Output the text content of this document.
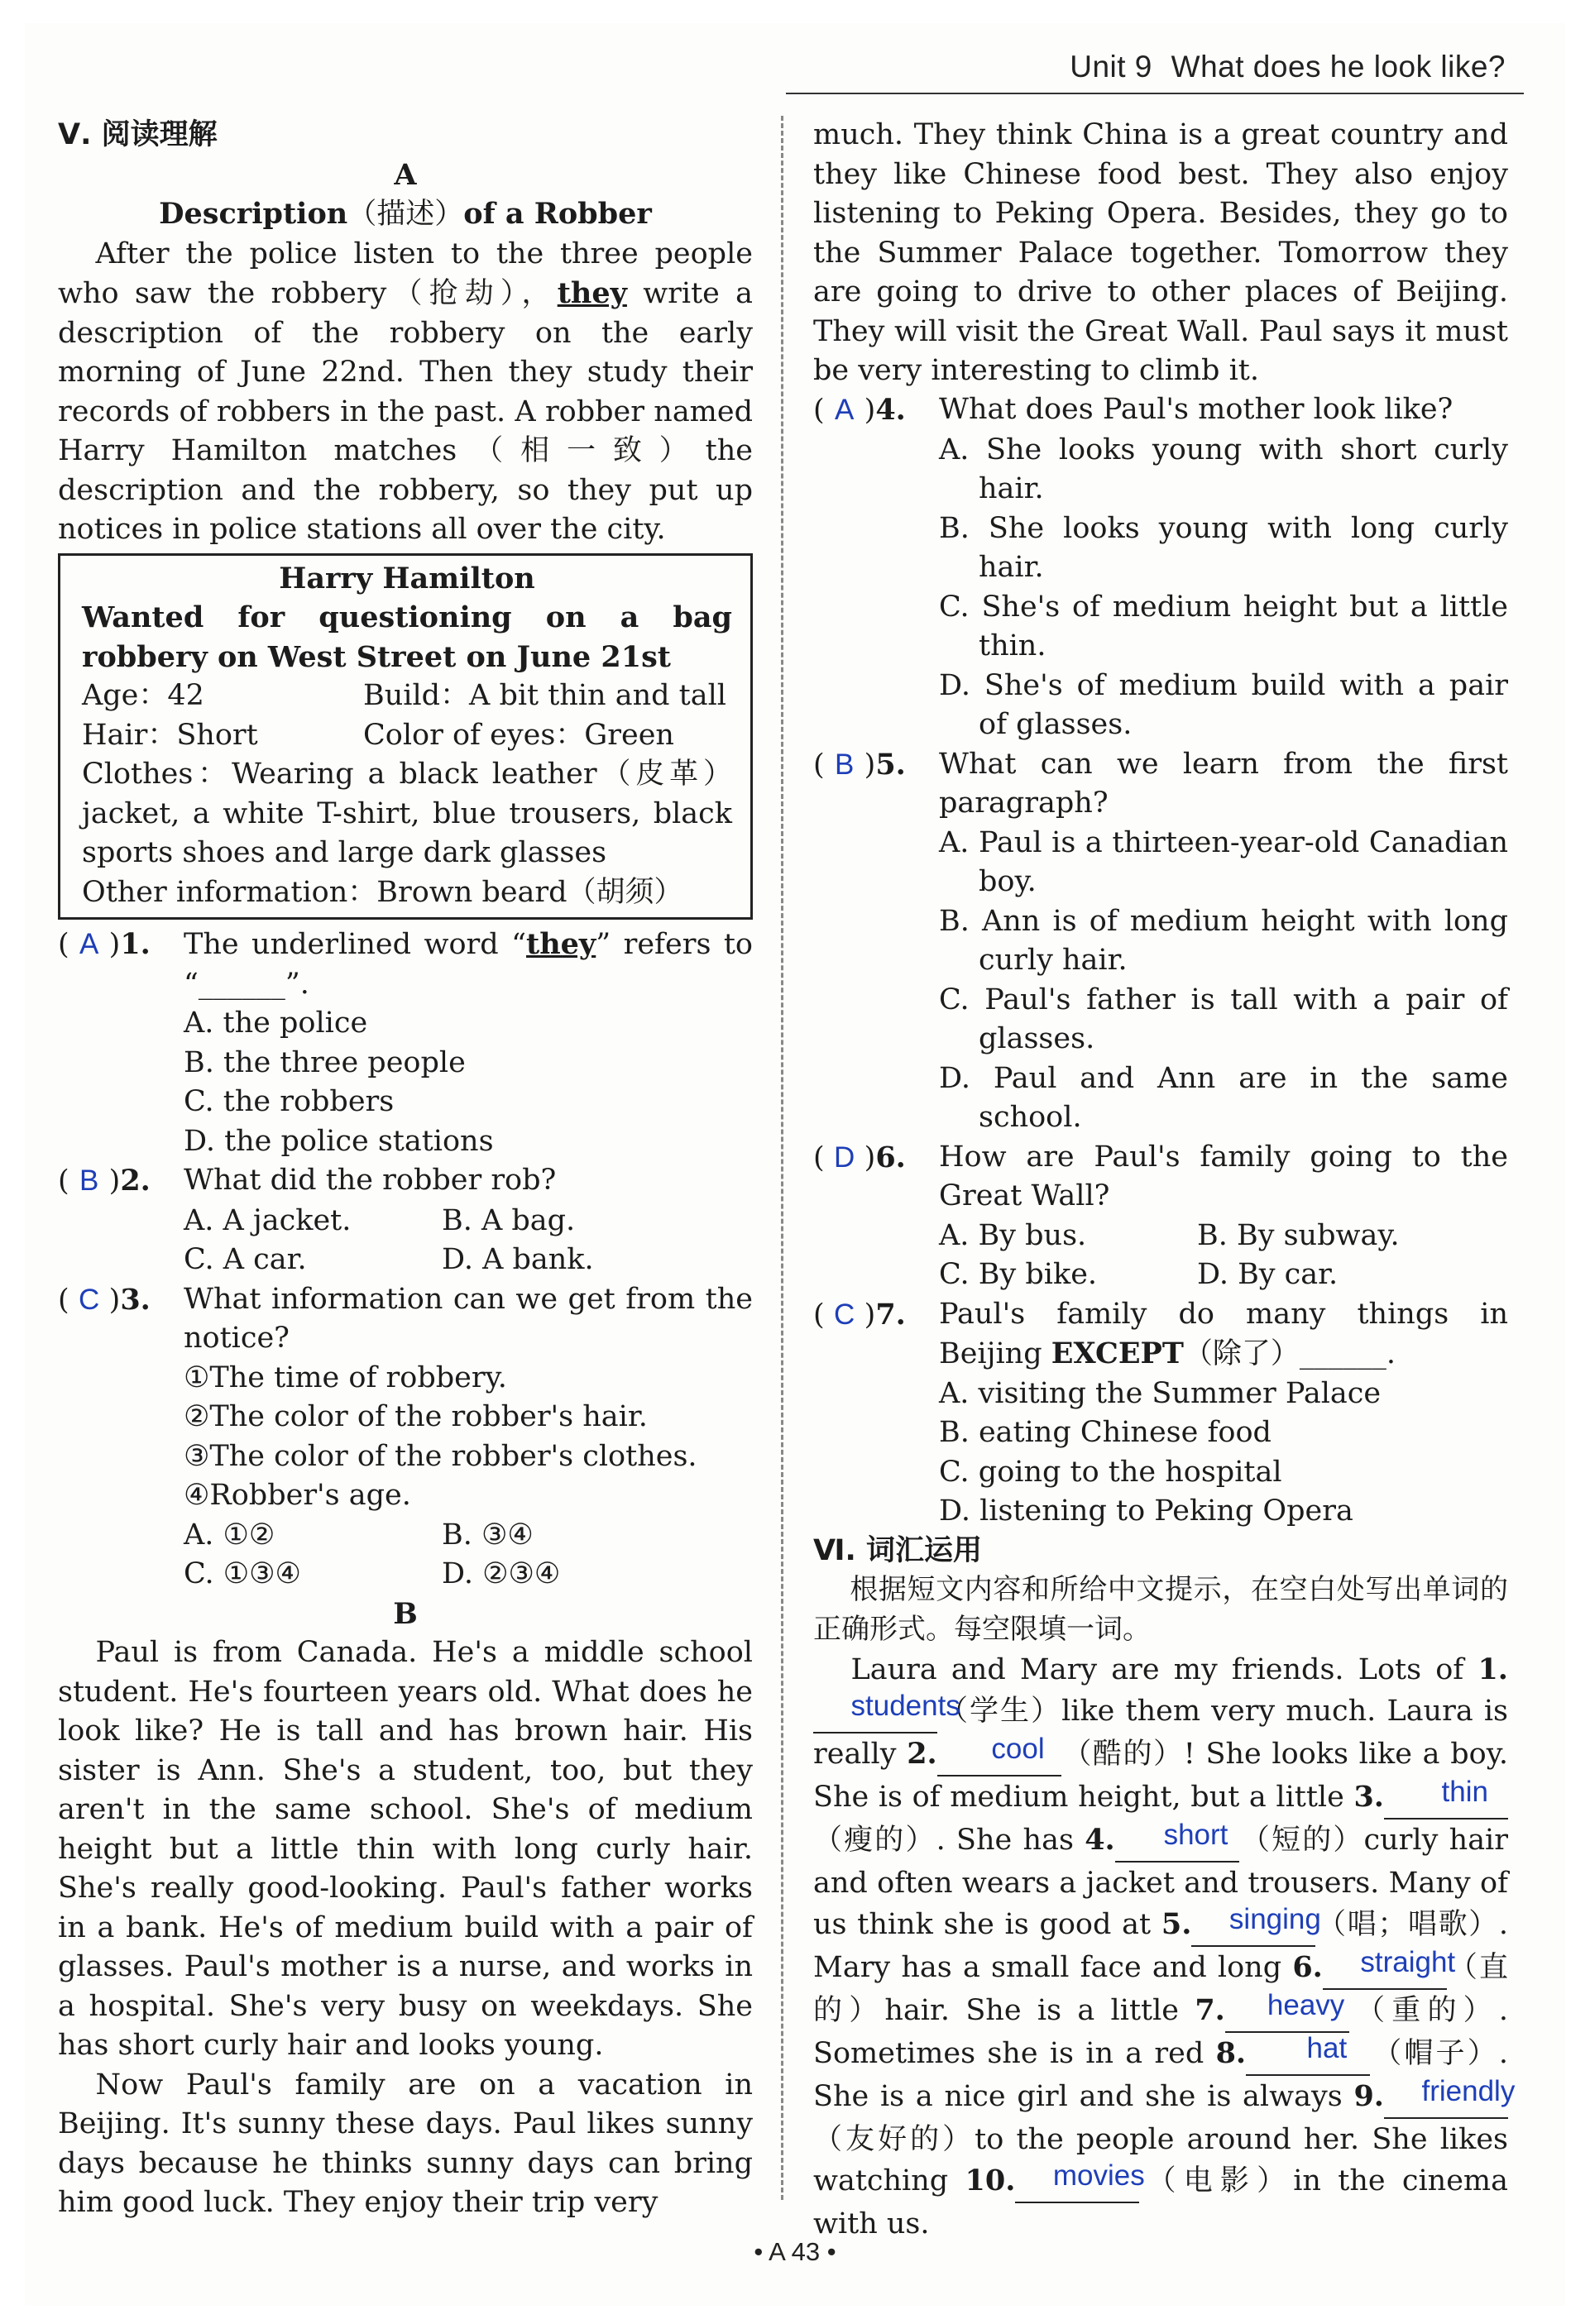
Unit 9 What does he look like?
Ⅴ. 阅读理解
A
Description（描述）of a Robber

After the police listen to the three people who saw the robbery（抢劫），they write a description of the robbery on the early morning of June 22nd. Then they study their records of robbers in the past. A robber named Harry Hamilton matches（相一致）the description and the robbery, so they put up notices in police stations all over the city.

Harry Hamilton
Wanted for questioning on a bag robbery on West Street on June 21st
Age：42	Build：A bit thin and tall
Hair：Short	Color of eyes：Green
Clothes：Wearing a black leather（皮革）jacket, a white T-shirt, blue trousers, black sports shoes and large dark glasses
Other information：Brown beard（胡须）
( A )1.	The underlined word “they” refers to “______”.
A. the police
B. the three people
C. the robbers
D. the police stations
( B )2.	What did the robber rob?
A. A jacket.	B. A bag.
C. A car.	D. A bank.
( C )3.	What information can we get from the notice?
①The time of robbery.
②The color of the robber's hair.
③The color of the robber's clothes.
④Robber's age.
A. ①②	B. ③④
C. ①③④	D. ②③④
B

Paul is from Canada. He's a middle school student. He's fourteen years old. What does he look like? He is tall and has brown hair. His sister is Ann. She's a student, too, but they aren't in the same school. She's of medium height but a little thin with long curly hair. She's really good-looking. Paul's father works in a bank. He's of medium build with a pair of glasses. Paul's mother is a nurse, and works in a hospital. She's very busy on weekdays. She has short curly hair and looks young.

Now Paul's family are on a vacation in Beijing. It's sunny these days. Paul likes sunny days because he thinks sunny days can bring him good luck. They enjoy their trip very

much. They think China is a great country and they like Chinese food best. They also enjoy listening to Peking Opera. Besides, they go to the Summer Palace together. Tomorrow they are going to drive to other places of Beijing. They will visit the Great Wall. Paul says it must be very interesting to climb it.

( A )4.	What does Paul's mother look like?
A. She looks young with short curly hair.
B. She looks young with long curly hair.
C. She's of medium height but a little thin.
D. She's of medium build with a pair of glasses.
( B )5.	What can we learn from the first paragraph?
A. Paul is a thirteen-year-old Canadian boy.
B. Ann is of medium height with long curly hair.
C. Paul's father is tall with a pair of glasses.
D. Paul and Ann are in the same school.
( D )6.	How are Paul's family going to the Great Wall?
A. By bus.	B. By subway.
C. By bike.	D. By car.
( C )7.	Paul's family do many things in Beijing EXCEPT（除了）______.
A. visiting the Summer Palace
B. eating Chinese food
C. going to the hospital
D. listening to Peking Opera
Ⅵ. 词汇运用

根据短文内容和所给中文提示，在空白处写出单词的正确形式。每空限填一词。

Laura and Mary are my friends. Lots of 1.students（学生）like them very much. Laura is really 2. cool （酷的）! She looks like a boy. She is of medium height, but a little 3. thin（瘦的）. She has 4. short （短的）curly hair and often wears a jacket and trousers. Many of us think she is good at 5. singing（唱；唱歌）. Mary has a small face and long 6. straight（直的）hair. She is a little 7. heavy （重的）. Sometimes she is in a red 8. hat （帽子）. She is a nice girl and she is always 9. friendly（友好的）to the people around her. She likes watching 10. movies（电影）in the cinema with us.

• A 43 •
